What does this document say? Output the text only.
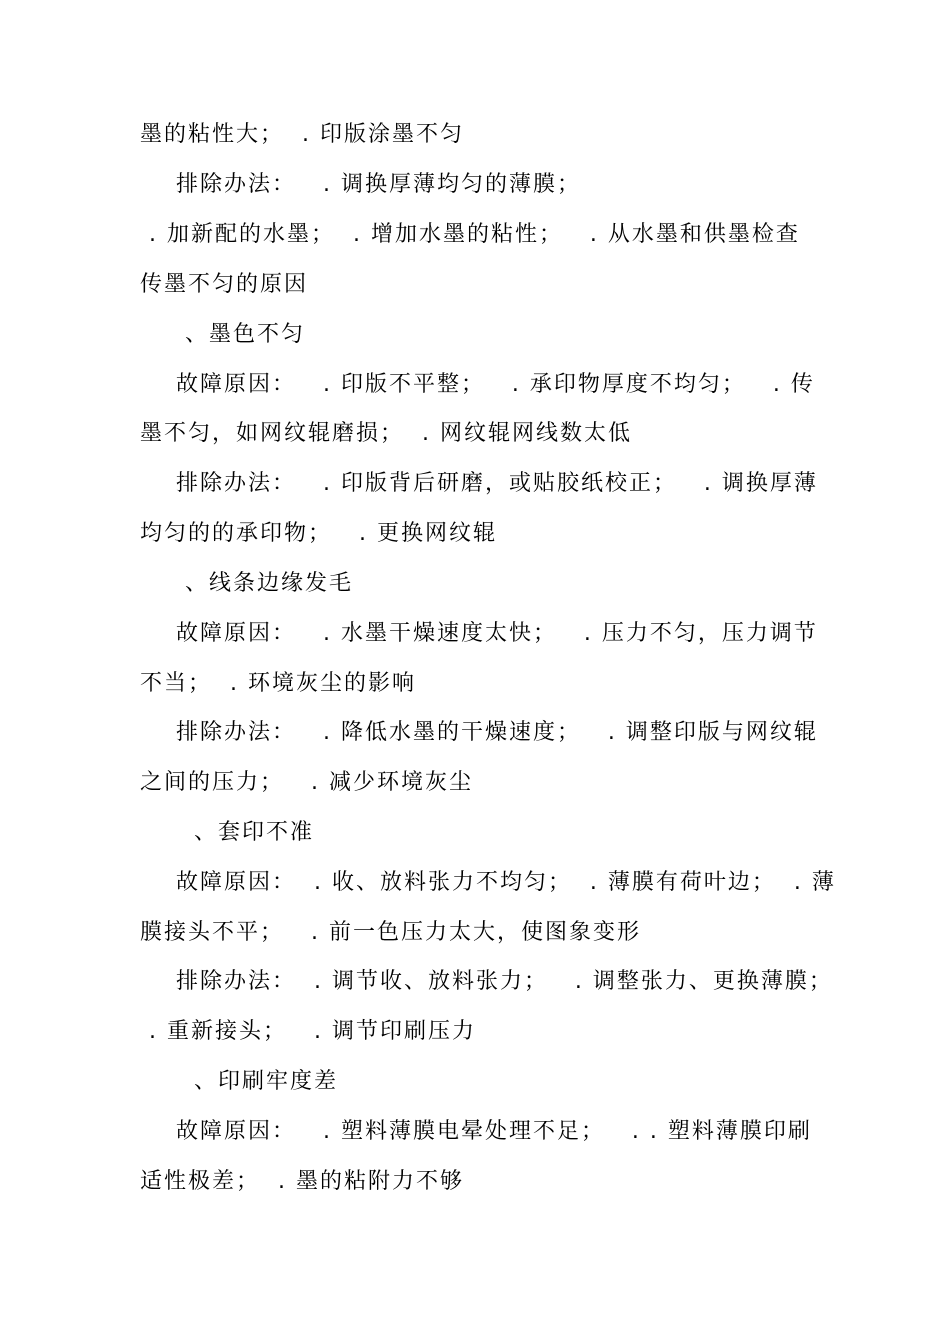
墨的粘性大；  . 印版涂墨不匀

排除办法：   . 调换厚薄均匀的薄膜；

. 加新配的水墨；  . 增加水墨的粘性；   . 从水墨和供墨检查

传墨不匀的原因

、墨色不匀

故障原因：   . 印版不平整；   . 承印物厚度不均匀；   . 传

墨不匀，如网纹辊磨损；  . 网纹辊网线数太低

排除办法：   . 印版背后研磨，或贴胶纸校正；   . 调换厚薄

均匀的的承印物；   . 更换网纹辊

、线条边缘发毛

故障原因：   . 水墨干燥速度太快；   . 压力不匀，压力调节

不当；  . 环境灰尘的影响

排除办法：   . 降低水墨的干燥速度；   . 调整印版与网纹辊

之间的压力；   . 减少环境灰尘

、套印不准

故障原因：  . 收、放料张力不均匀；  . 薄膜有荷叶边；  . 薄

膜接头不平；   . 前一色压力太大，使图象变形

排除办法：  . 调节收、放料张力；   . 调整张力、更换薄膜；

. 重新接头；   . 调节印刷压力

、印刷牢度差

故障原因：   . 塑料薄膜电晕处理不足；   . . 塑料薄膜印刷

适性极差；  . 墨的粘附力不够
